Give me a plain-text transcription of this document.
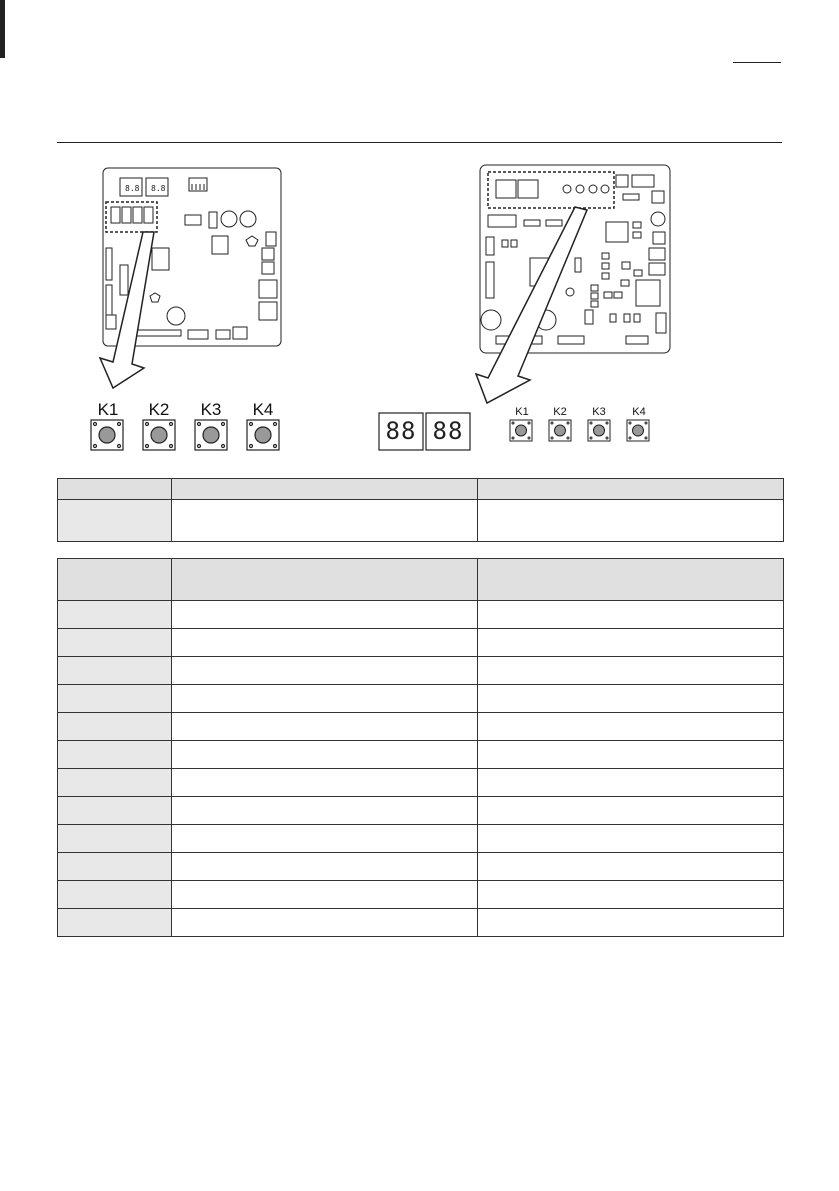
8.8. 8.8.
K1	K2	K3	K4
88 88
K1	K2	K3	K4
